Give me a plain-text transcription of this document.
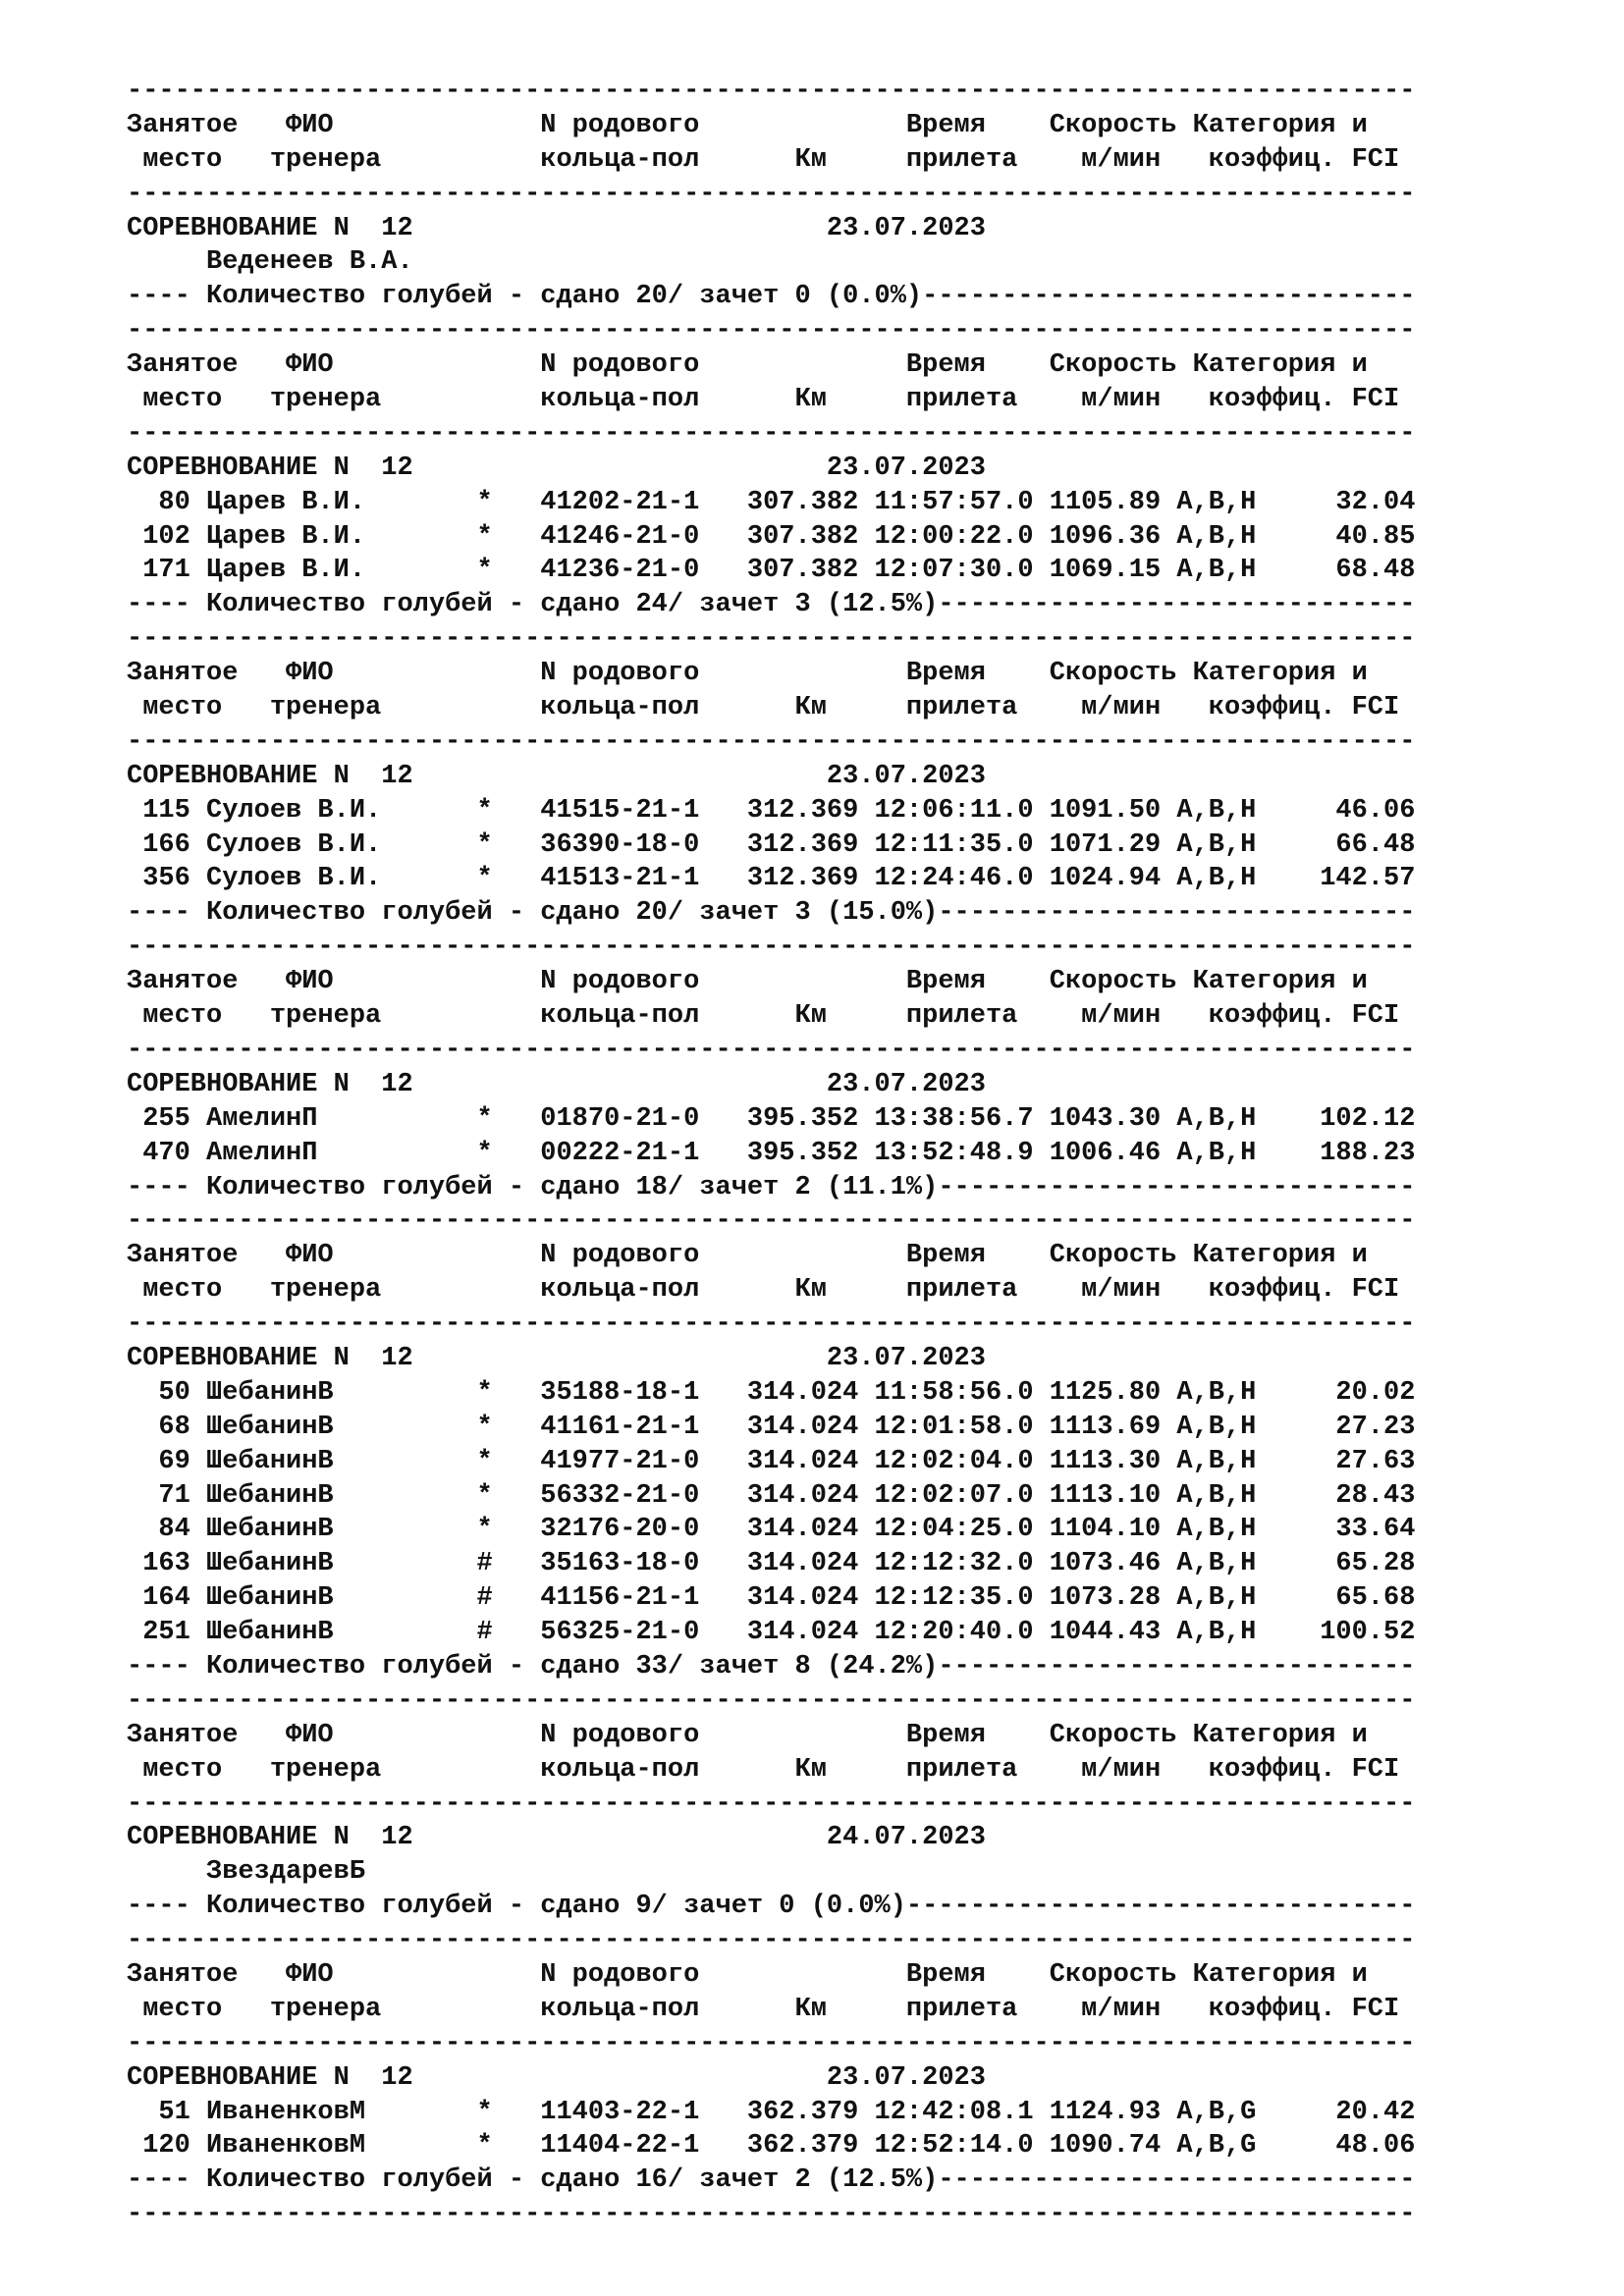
---------------------------------------------------------------------------------
Занятое   ФИО             N родового             Время    Скорость Категория и
место   тренера          кольца-пол      Км     прилета    м/мин   коэффиц. FCI
---------------------------------------------------------------------------------
СОРЕВНОВАНИЕ N  12                          23.07.2023
Веденеев В.А.
---- Количество голубей - сдано 20/ зачет 0 (0.0%)-------------------------------
---------------------------------------------------------------------------------
Занятое   ФИО             N родового             Время    Скорость Категория и
место   тренера          кольца-пол      Км     прилета    м/мин   коэффиц. FCI
---------------------------------------------------------------------------------
СОРЕВНОВАНИЕ N  12                          23.07.2023
80 Царев В.И.       *   41202-21-1   307.382 11:57:57.0 1105.89 A,B,H     32.04
102 Царев В.И.       *   41246-21-0   307.382 12:00:22.0 1096.36 A,B,H     40.85
171 Царев В.И.       *   41236-21-0   307.382 12:07:30.0 1069.15 A,B,H     68.48
---- Количество голубей - сдано 24/ зачет 3 (12.5%)------------------------------
---------------------------------------------------------------------------------
Занятое   ФИО             N родового             Время    Скорость Категория и
место   тренера          кольца-пол      Км     прилета    м/мин   коэффиц. FCI
---------------------------------------------------------------------------------
СОРЕВНОВАНИЕ N  12                          23.07.2023
115 Сулоев В.И.      *   41515-21-1   312.369 12:06:11.0 1091.50 A,B,H     46.06
166 Сулоев В.И.      *   36390-18-0   312.369 12:11:35.0 1071.29 A,B,H     66.48
356 Сулоев В.И.      *   41513-21-1   312.369 12:24:46.0 1024.94 A,B,H    142.57
---- Количество голубей - сдано 20/ зачет 3 (15.0%)------------------------------
---------------------------------------------------------------------------------
Занятое   ФИО             N родового             Время    Скорость Категория и
место   тренера          кольца-пол      Км     прилета    м/мин   коэффиц. FCI
---------------------------------------------------------------------------------
СОРЕВНОВАНИЕ N  12                          23.07.2023
255 АмелинП          *   01870-21-0   395.352 13:38:56.7 1043.30 A,B,H    102.12
470 АмелинП          *   00222-21-1   395.352 13:52:48.9 1006.46 A,B,H    188.23
---- Количество голубей - сдано 18/ зачет 2 (11.1%)------------------------------
---------------------------------------------------------------------------------
Занятое   ФИО             N родового             Время    Скорость Категория и
место   тренера          кольца-пол      Км     прилета    м/мин   коэффиц. FCI
---------------------------------------------------------------------------------
СОРЕВНОВАНИЕ N  12                          23.07.2023
50 ШебанинВ         *   35188-18-1   314.024 11:58:56.0 1125.80 A,B,H     20.02
68 ШебанинВ         *   41161-21-1   314.024 12:01:58.0 1113.69 A,B,H     27.23
69 ШебанинВ         *   41977-21-0   314.024 12:02:04.0 1113.30 A,B,H     27.63
71 ШебанинВ         *   56332-21-0   314.024 12:02:07.0 1113.10 A,B,H     28.43
84 ШебанинВ         *   32176-20-0   314.024 12:04:25.0 1104.10 A,B,H     33.64
163 ШебанинВ         #   35163-18-0   314.024 12:12:32.0 1073.46 A,B,H     65.28
164 ШебанинВ         #   41156-21-1   314.024 12:12:35.0 1073.28 A,B,H     65.68
251 ШебанинВ         #   56325-21-0   314.024 12:20:40.0 1044.43 A,B,H    100.52
---- Количество голубей - сдано 33/ зачет 8 (24.2%)------------------------------
---------------------------------------------------------------------------------
Занятое   ФИО             N родового             Время    Скорость Категория и
место   тренера          кольца-пол      Км     прилета    м/мин   коэффиц. FCI
---------------------------------------------------------------------------------
СОРЕВНОВАНИЕ N  12                          24.07.2023
ЗвездаревБ
---- Количество голубей - сдано 9/ зачет 0 (0.0%)--------------------------------
---------------------------------------------------------------------------------
Занятое   ФИО             N родового             Время    Скорость Категория и
место   тренера          кольца-пол      Км     прилета    м/мин   коэффиц. FCI
---------------------------------------------------------------------------------
СОРЕВНОВАНИЕ N  12                          23.07.2023
51 ИваненковМ       *   11403-22-1   362.379 12:42:08.1 1124.93 A,B,G     20.42
120 ИваненковМ       *   11404-22-1   362.379 12:52:14.0 1090.74 A,B,G     48.06
---- Количество голубей - сдано 16/ зачет 2 (12.5%)------------------------------
---------------------------------------------------------------------------------
